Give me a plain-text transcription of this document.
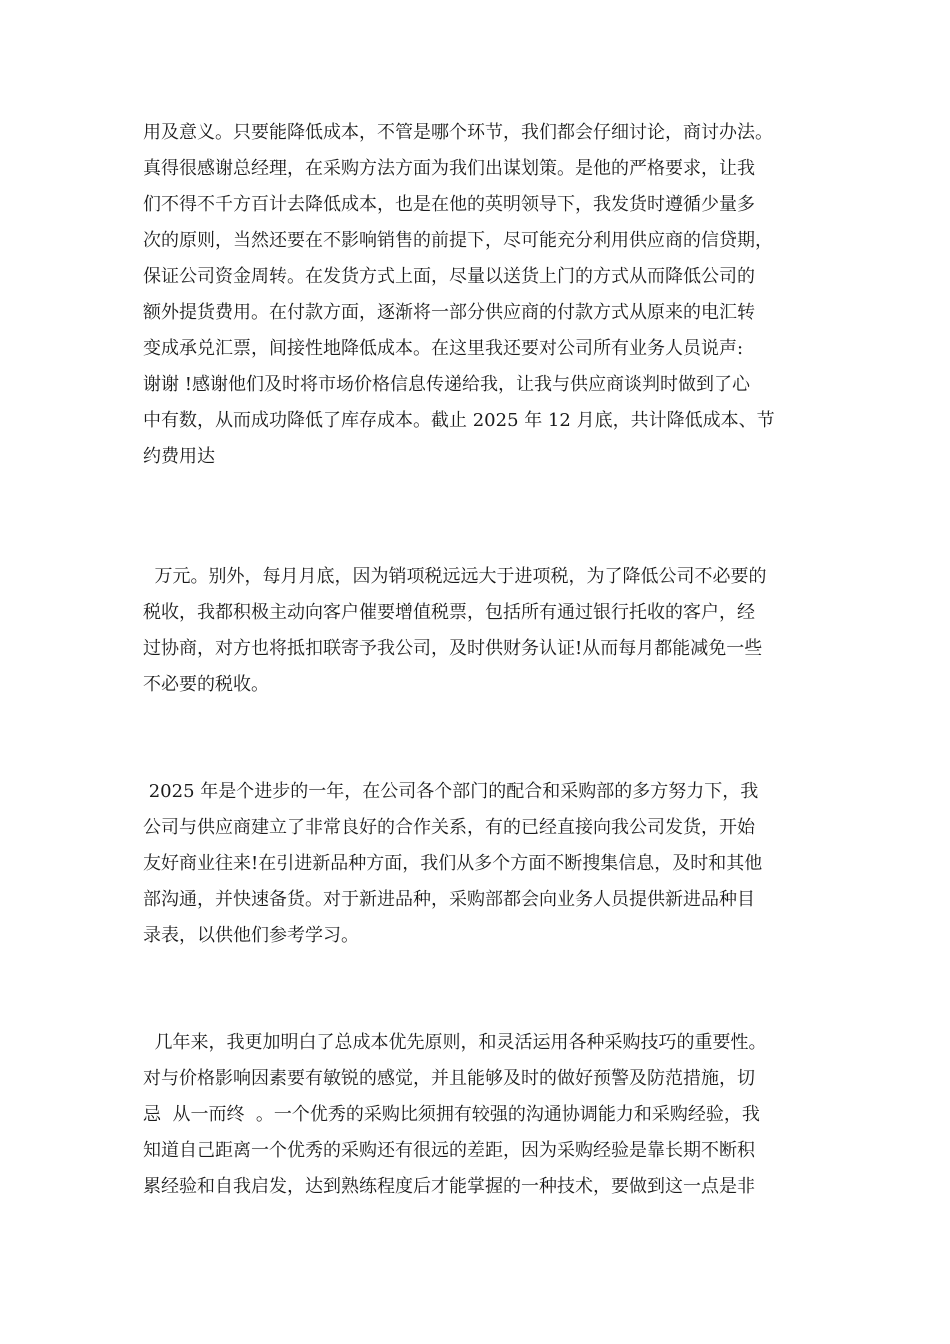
用及意义。只要能降低成本，不管是哪个环节，我们都会仔细讨论，商讨办法。
真得很感谢总经理，在采购方法方面为我们出谋划策。是他的严格要求，让我
们不得不千方百计去降低成本，也是在他的英明领导下，我发货时遵循少量多
次的原则，当然还要在不影响销售的前提下，尽可能充分利用供应商的信贷期，
保证公司资金周转。在发货方式上面，尽量以送货上门的方式从而降低公司的
额外提货费用。在付款方面，逐渐将一部分供应商的付款方式从原来的电汇转
变成承兑汇票，间接性地降低成本。在这里我还要对公司所有业务人员说声:
谢谢 !感谢他们及时将市场价格信息传递给我，让我与供应商谈判时做到了心
中有数，从而成功降低了库存成本。截止 2025 年 12 月底，共计降低成本、节
约费用达
万元。别外，每月月底，因为销项税远远大于进项税，为了降低公司不必要的
税收，我都积极主动向客户催要增值税票，包括所有通过银行托收的客户，经
过协商，对方也将抵扣联寄予我公司，及时供财务认证!从而每月都能减免一些
不必要的税收。
2025 年是个进步的一年，在公司各个部门的配合和采购部的多方努力下，我
公司与供应商建立了非常良好的合作关系，有的已经直接向我公司发货，开始
友好商业往来!在引进新品种方面，我们从多个方面不断搜集信息，及时和其他
部沟通，并快速备货。对于新进品种，采购部都会向业务人员提供新进品种目
录表，以供他们参考学习。
几年来，我更加明白了总成本优先原则，和灵活运用各种采购技巧的重要性。
对与价格影响因素要有敏锐的感觉，并且能够及时的做好预警及防范措施，切
忌  从一而终  。一个优秀的采购比须拥有较强的沟通协调能力和采购经验，我
知道自己距离一个优秀的采购还有很远的差距，因为采购经验是靠长期不断积
累经验和自我启发，达到熟练程度后才能掌握的一种技术，要做到这一点是非
